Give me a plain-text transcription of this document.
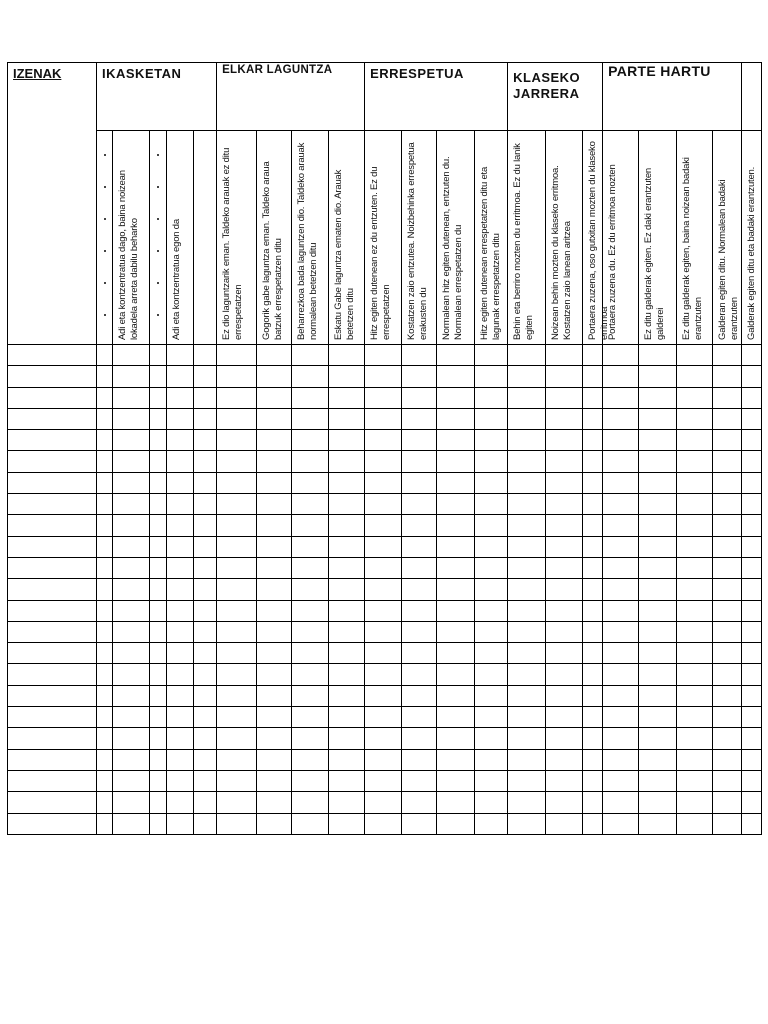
IZENAK	IKASKETAN					ELKAR LAGUNTZA				ERRESPETUA				KLASEKO JARRERA			PARTE HARTU					

		Adi eta kontzentratua dago, baina noizean lokadela arreta dabilu beharko		Adi eta kontzentratua egon da		Ez dio laguntzarik eman. Taldeko arauak ez ditu errespetatzen	Gogorik gabe laguntza eman. Taldeko araua batzuk errespetatzen ditu	Beharrezkoa bada laguntzen dio. Taldeko arauak normalean betetzen ditu	Eskatu Gabe laguntza ematen dio. Arauak betetzen ditu	Hitz egiten dutenean ez du entzuten. Ez du errespetatzen	Kostatzen zaio entzutea. Noizbehinka errespetua erakusten du	Normalean hitz egiten dutenean, entzuten du. Normalean errespetatzen du	Hitz egiten dutenean errespetatzen ditu eta lagunak errespetatzen ditu	Behin eta berriro mozten du erritmoa. Ez du lanik egiten	Noizean behin mozten du klaseko erritmoa. Kostatzen zaio lanean aritzea	Portaera zuzena, oso gutxitan mozten du klaseko erritmoa	Portaera zuzena du. Ez du erritmoa mozten	Ez ditu galderak egiten. Ez daki erantzuten galderei	Ez ditu galderak egiten, baina noizean badaki erantzuten	Galderan egiten ditu. Normalean badaki erantzuten	Galderak egiten ditu eta badaki erantzuten.
